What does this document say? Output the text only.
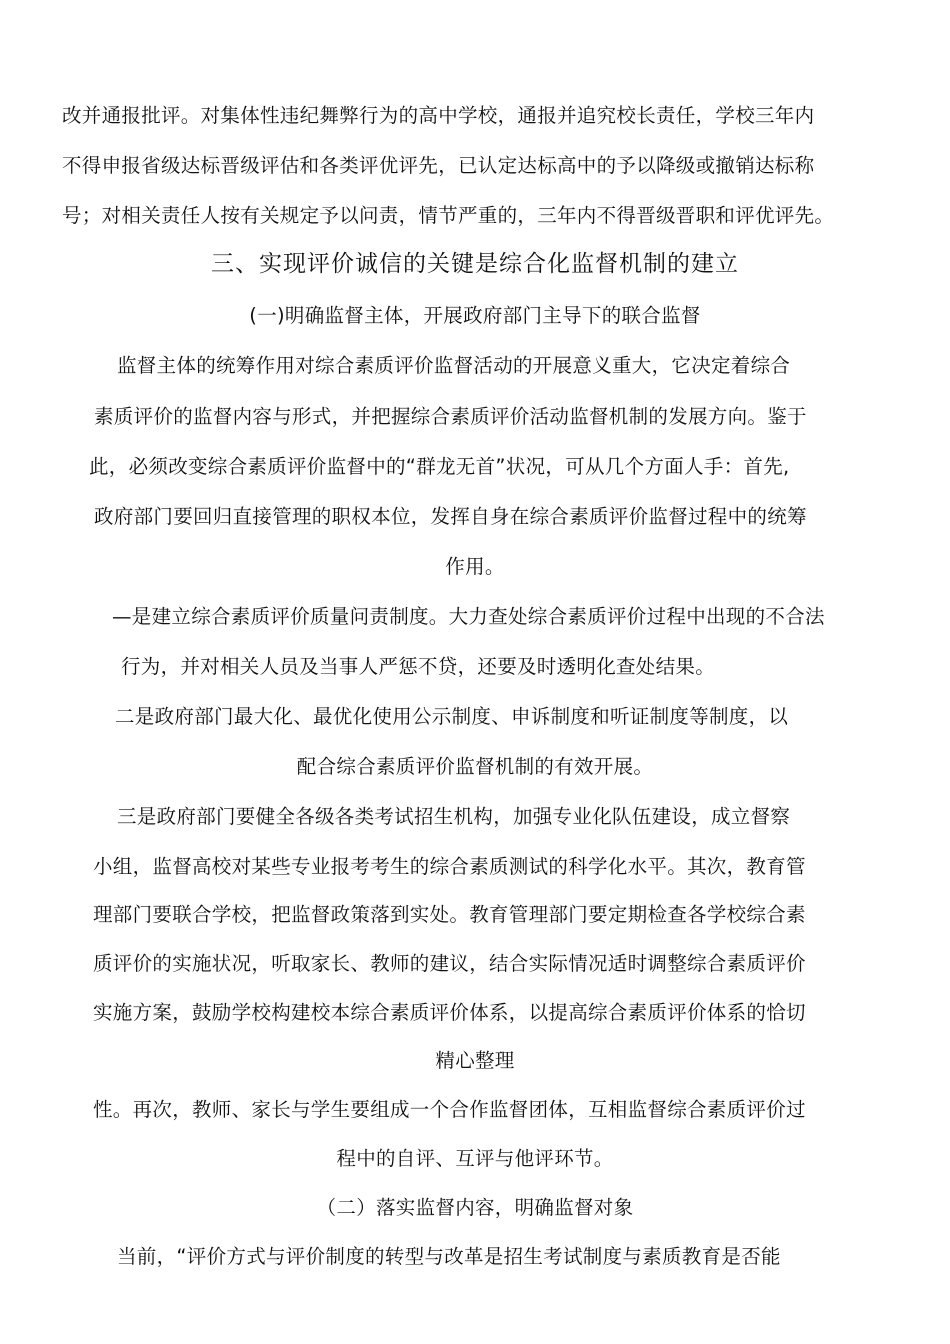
改并通报批评。对集体性违纪舞弊行为的高中学校，通报并追究校长责任，学校三年内
不得申报省级达标晋级评估和各类评优评先，已认定达标高中的予以降级或撤销达标称
号；对相关责任人按有关规定予以问责，情节严重的，三年内不得晋级晋职和评优评先。
三、实现评价诚信的关键是综合化监督机制的建立
(一)明确监督主体，开展政府部门主导下的联合监督
监督主体的统筹作用对综合素质评价监督活动的开展意义重大，它决定着综合
素质评价的监督内容与形式，并把握综合素质评价活动监督机制的发展方向。鉴于
此，必须改变综合素质评价监督中的“群龙无首”状况，可从几个方面人手：首先,
政府部门要回归直接管理的职权本位，发挥自身在综合素质评价监督过程中的统筹
作用。
—是建立综合素质评价质量问责制度。大力查处综合素质评价过程中出现的不合法
行为，并对相关人员及当事人严惩不贷，还要及时透明化查处结果。
二是政府部门最大化、最优化使用公示制度、申诉制度和听证制度等制度，以
配合综合素质评价监督机制的有效开展。
三是政府部门要健全各级各类考试招生机构，加强专业化队伍建设，成立督察
小组，监督高校对某些专业报考考生的综合素质测试的科学化水平。其次，教育管
理部门要联合学校，把监督政策落到实处。教育管理部门要定期检查各学校综合素
质评价的实施状况，听取家长、教师的建议，结合实际情况适时调整综合素质评价
实施方案，鼓励学校构建校本综合素质评价体系，以提高综合素质评价体系的恰切
精心整理
性。再次，教师、家长与学生要组成一个合作监督团体，互相监督综合素质评价过
程中的自评、互评与他评环节。
（二）落实监督内容，明确监督对象
当前，“评价方式与评价制度的转型与改革是招生考试制度与素质教育是否能
